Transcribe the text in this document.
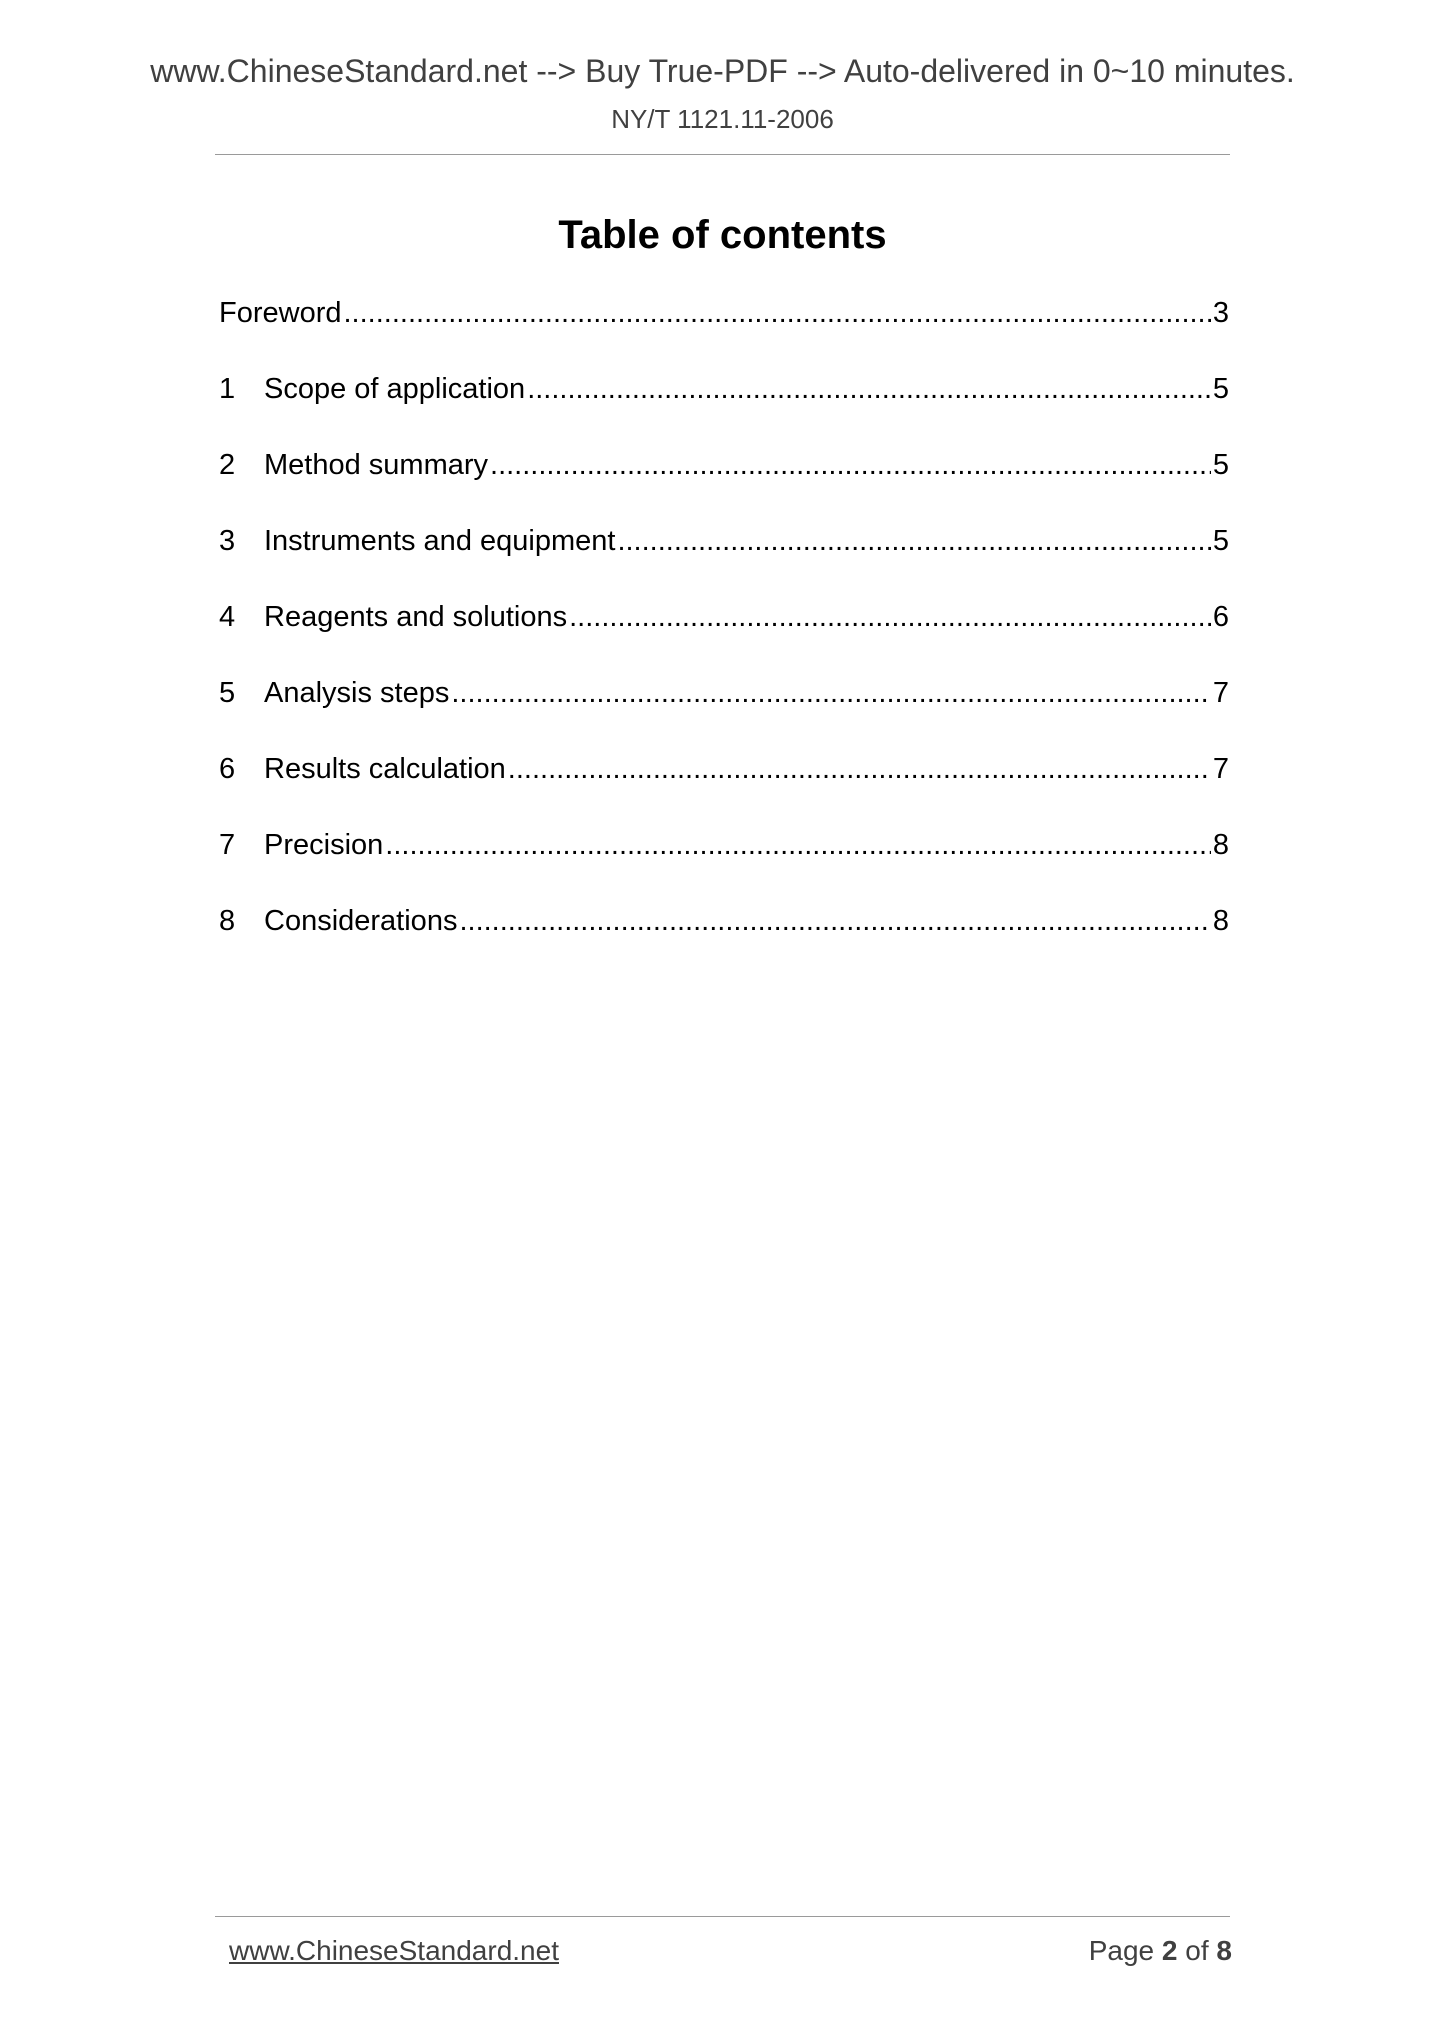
www.ChineseStandard.net --> Buy True-PDF --> Auto-delivered in 0~10 minutes.
NY/T 1121.11-2006
Table of contents
Foreword .....	3
1 Scope of application .....	5
2 Method summary .....	5
3 Instruments and equipment .....	5
4 Reagents and solutions .....	6
5 Analysis steps .....	7
6 Results calculation .....	7
7 Precision .....	8
8 Considerations .....	8
www.ChineseStandard.net	Page 2 of 8
